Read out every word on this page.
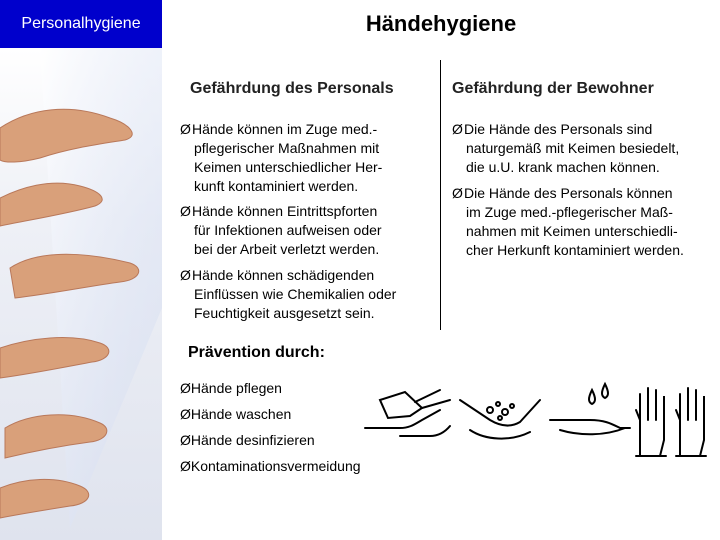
Personalhygiene	Händehygiene
Gefährdung des Personals	Gefährdung der Bewohner
ØHände können im Zuge med.-
pflegerischer Maßnahmen mit
Keimen unterschiedlicher Her-
kunft kontaminiert werden.
ØHände können Eintrittspforten
für Infektionen aufweisen oder
bei der Arbeit verletzt werden.
ØHände können schädigenden
Einflüssen wie Chemikalien oder
Feuchtigkeit ausgesetzt sein.
ØDie Hände des Personals sind
naturgemäß mit Keimen besiedelt,
die u.U. krank machen können.
ØDie Hände des Personals können
im Zuge med.-pflegerischer Maß-
nahmen mit Keimen unterschiedli-
cher Herkunft kontaminiert werden.
Prävention durch:
ØHände pflegen
ØHände waschen
ØHände desinfizieren
ØKontaminationsvermeidung
